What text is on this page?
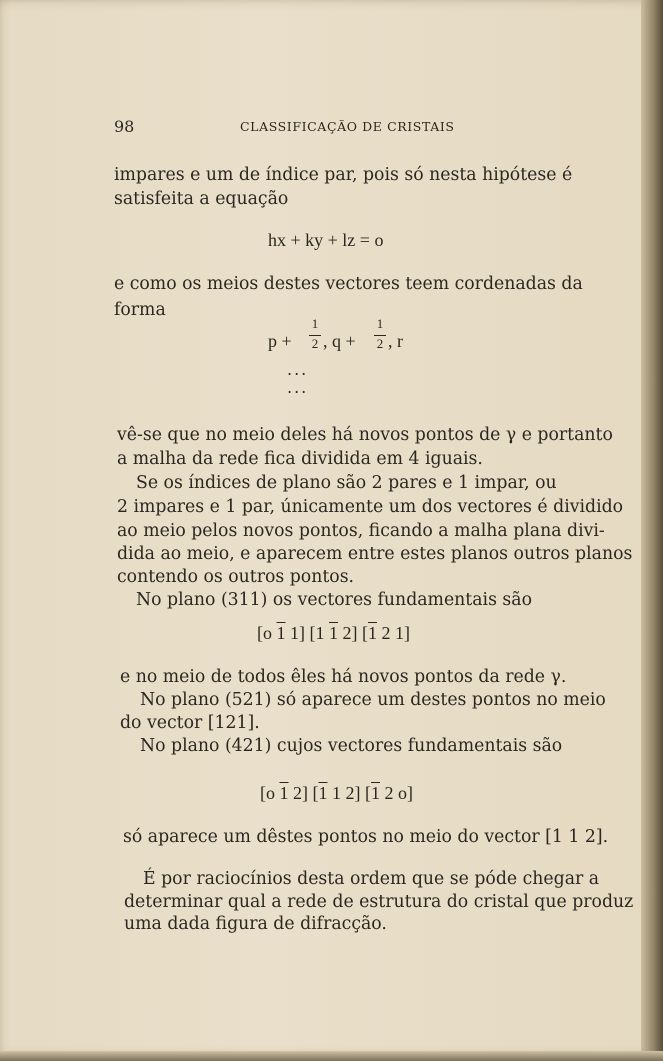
98	CLASSIFICAÇÃO DE CRISTAIS
impares e um de índice par, pois só nesta hipótese é
satisfeita a equação
hx + ky + lz = o
e como os meios destes vectores teem cordenadas da
forma
p +
1
2 , q +
1
2 , r
...
...
vê-se que no meio deles há novos pontos de γ e portanto
a malha da rede fica dividida em 4 iguais.
Se os índices de plano são 2 pares e 1 impar, ou
2 impares e 1 par, únicamente um dos vectores é dividido
ao meio pelos novos pontos, ficando a malha plana divi-
dida ao meio, e aparecem entre estes planos outros planos
contendo os outros pontos.
No plano (311) os vectores fundamentais são
[o 1 1] [1 1 2] [1 2 1]
e no meio de todos êles há novos pontos da rede γ.
No plano (521) só aparece um destes pontos no meio
do vector [121].
No plano (421) cujos vectores fundamentais são
[o 1 2] [1 1 2] [1 2 o]
só aparece um dêstes pontos no meio do vector [1 1 2].
É por raciocínios desta ordem que se póde chegar a
determinar qual a rede de estrutura do cristal que produz
uma dada figura de difracção.
